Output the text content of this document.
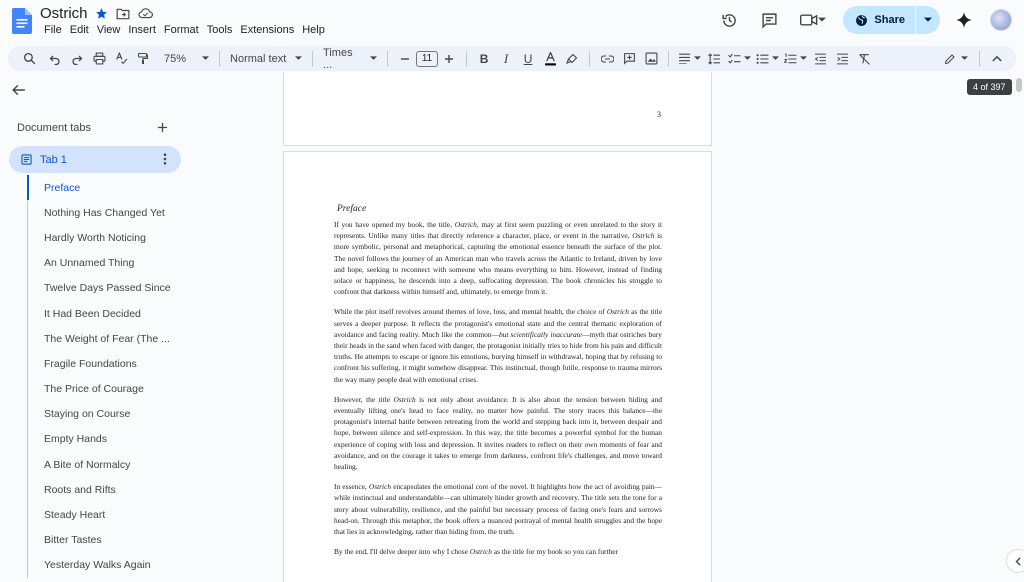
Ostrich
File Edit View Insert Format Tools Extensions Help
Share
75%	Normal text	Times ...	11	B I U
Document tabs
Tab 1
Preface
Nothing Has Changed Yet
Hardly Worth Noticing
An Unnamed Thing
Twelve Days Passed Since
It Had Been Decided
The Weight of Fear (The ...
Fragile Foundations
The Price of Courage
Staying on Course
Empty Hands
A Bite of Normalcy
Roots and Rifts
Steady Heart
Bitter Tastes
Yesterday Walks Again
3
Preface

If you have opened my book, the title, Ostrich, may at first seem puzzling or even unrelated to the story it represents. Unlike many titles that directly reference a character, place, or event in the narrative, Ostrich is more symbolic, personal and metaphorical, capturing the emotional essence beneath the surface of the plot. The novel follows the journey of an American man who travels across the Atlantic to Ireland, driven by love and hope, seeking to reconnect with someone who means everything to him. However, instead of finding solace or happiness, he descends into a deep, suffocating depression. The book chronicles his struggle to confront that darkness within himself and, ultimately, to emerge from it.

While the plot itself revolves around themes of love, loss, and mental health, the choice of Ostrich as the title serves a deeper purpose. It reflects the protagonist's emotional state and the central thematic exploration of avoidance and facing reality. Much like the common—but scientifically inaccurate—myth that ostriches bury their heads in the sand when faced with danger, the protagonist initially tries to hide from his pain and difficult truths. He attempts to escape or ignore his emotions, burying himself in withdrawal, hoping that by refusing to confront his suffering, it might somehow disappear. This instinctual, though futile, response to trauma mirrors the way many people deal with emotional crises.

However, the title Ostrich is not only about avoidance. It is also about the tension between hiding and eventually lifting one's head to face reality, no matter how painful. The story traces this balance—the protagonist's internal battle between retreating from the world and stepping back into it, between despair and hope, between silence and self-expression. In this way, the title becomes a powerful symbol for the human experience of coping with loss and depression. It invites readers to reflect on their own moments of fear and avoidance, and on the courage it takes to emerge from darkness, confront life's challenges, and move toward healing.

In essence, Ostrich encapsulates the emotional core of the novel. It highlights how the act of avoiding pain—while instinctual and understandable—can ultimately hinder growth and recovery. The title sets the tone for a story about vulnerability, resilience, and the painful but necessary process of facing one's fears and sorrows head-on. Through this metaphor, the book offers a nuanced portrayal of mental health struggles and the hope that lies in acknowledging, rather than hiding from, the truth.

By the end, I'll delve deeper into why I chose Ostrich as the title for my book so you can further

4 of 397
